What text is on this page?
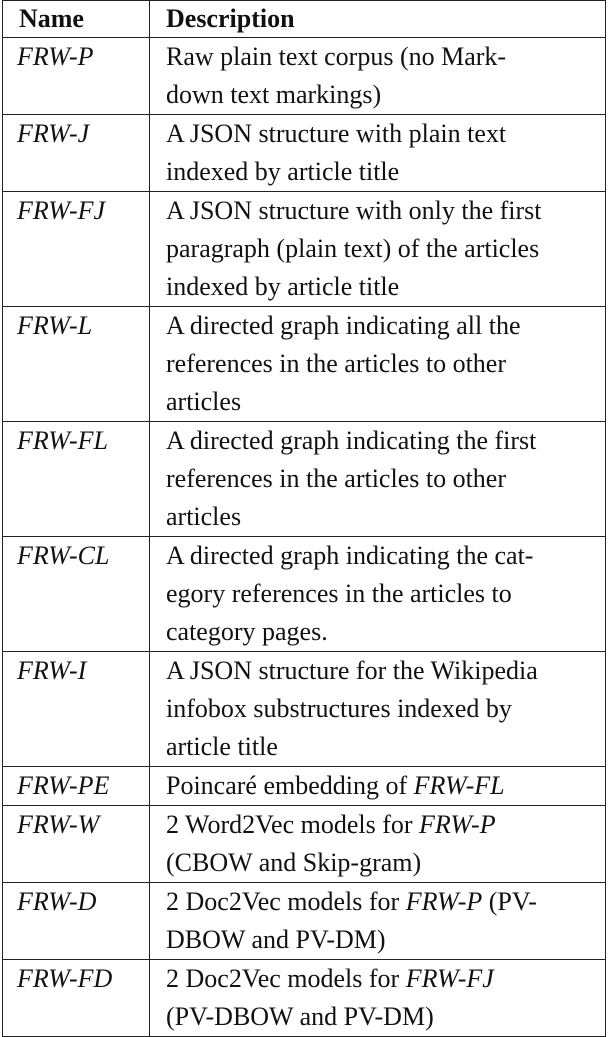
Name	Description
FRW-P	Raw plain text corpus (no Mark-
down text markings)
FRW-J	A JSON structure with plain text
indexed by article title
FRW-FJ	A JSON structure with only the first
paragraph (plain text) of the articles
indexed by article title
FRW-L	A directed graph indicating all the
references in the articles to other
articles
FRW-FL	A directed graph indicating the first
references in the articles to other
articles
FRW-CL	A directed graph indicating the cat-
egory references in the articles to
category pages.
FRW-I	A JSON structure for the Wikipedia
infobox substructures indexed by
article title
FRW-PE	Poincaré embedding of FRW-FL
FRW-W	2 Word2Vec models for FRW-P
(CBOW and Skip-gram)
FRW-D	2 Doc2Vec models for FRW-P (PV-
DBOW and PV-DM)
FRW-FD	2 Doc2Vec models for FRW-FJ
(PV-DBOW and PV-DM)
